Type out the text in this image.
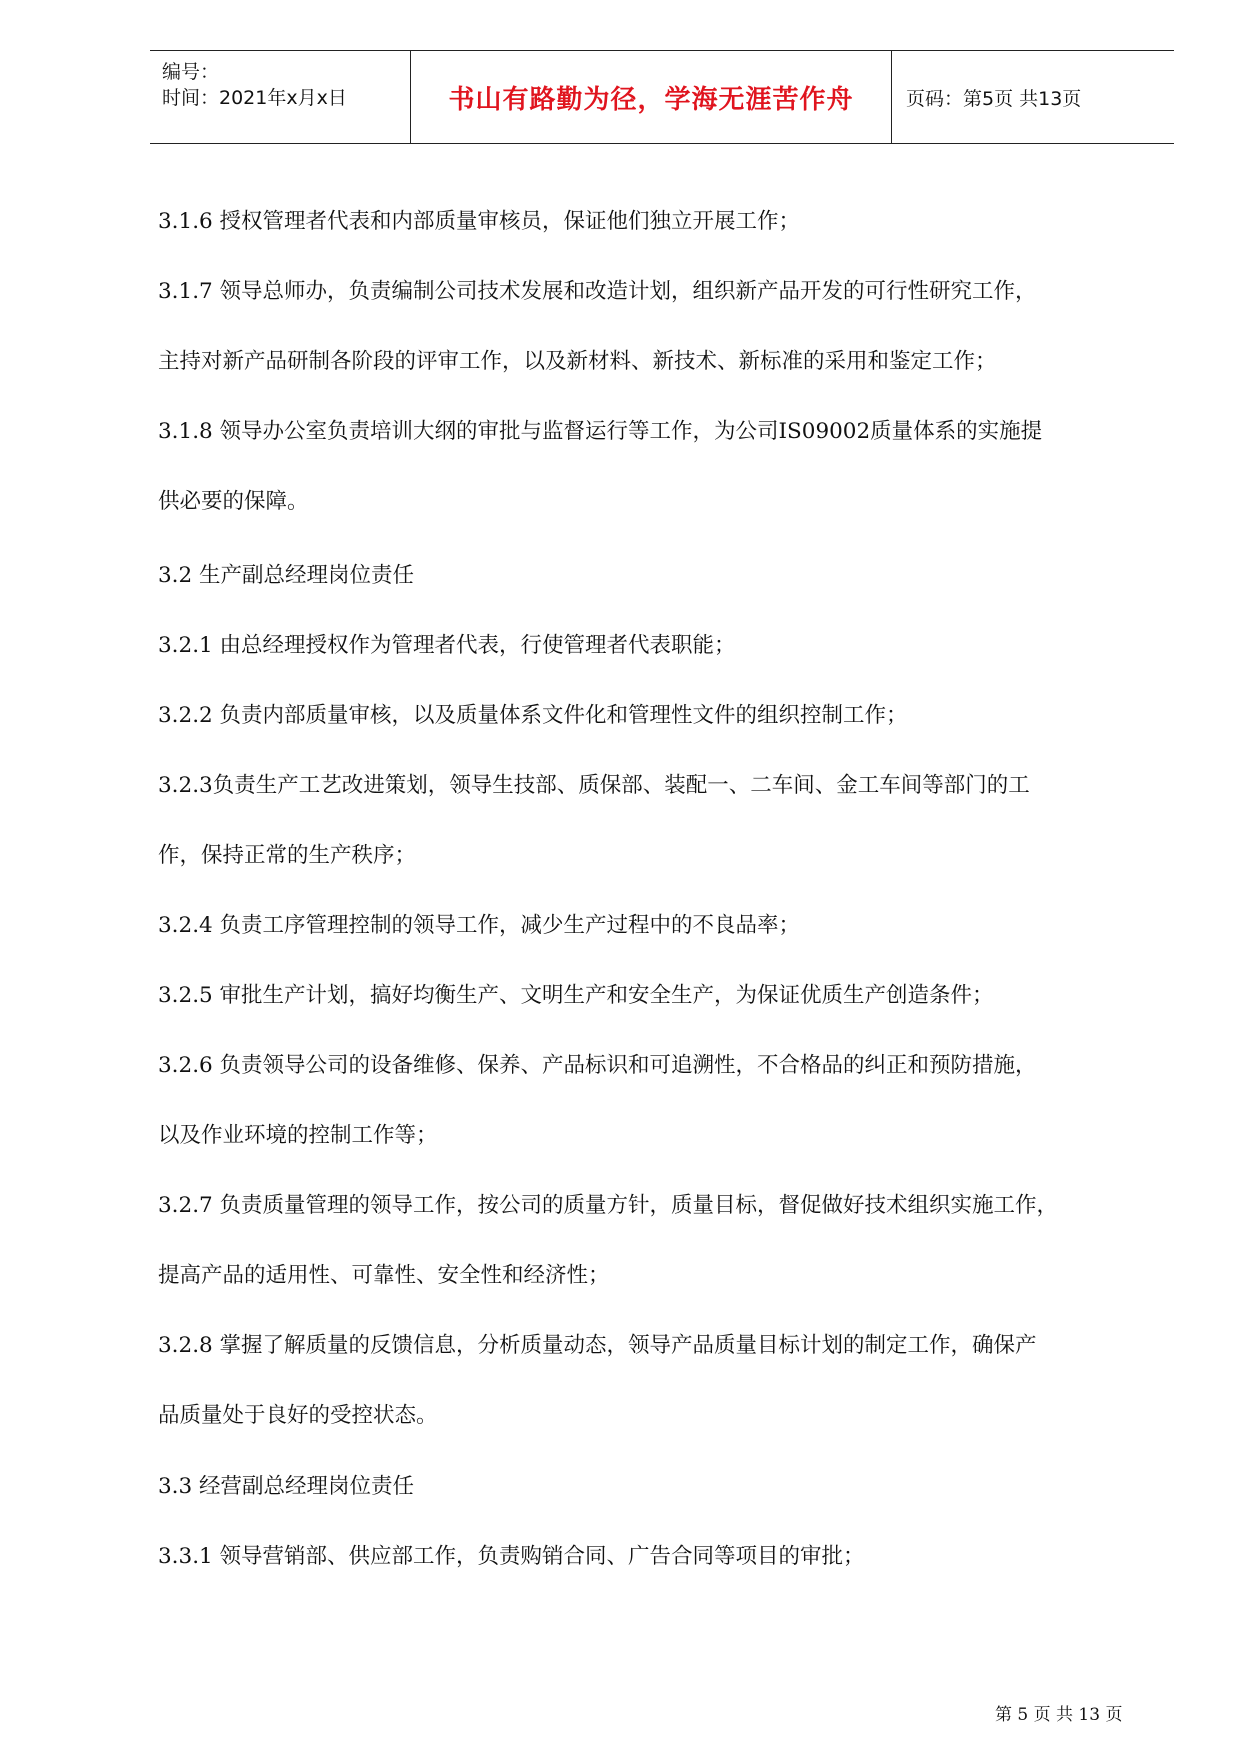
编号：
时间：2021年x月x日	书山有路勤为径，学海无涯苦作舟	页码：第5页 共13页
3.1.6 授权管理者代表和内部质量审核员，保证他们独立开展工作；
3.1.7 领导总师办，负责编制公司技术发展和改造计划，组织新产品开发的可行性研究工作，
主持对新产品研制各阶段的评审工作，以及新材料、新技术、新标准的采用和鉴定工作；
3.1.8 领导办公室负责培训大纲的审批与监督运行等工作，为公司IS09002质量体系的实施提
供必要的保障。
3.2 生产副总经理岗位责任
3.2.1 由总经理授权作为管理者代表，行使管理者代表职能；
3.2.2 负责内部质量审核，以及质量体系文件化和管理性文件的组织控制工作；
3.2.3负责生产工艺改进策划，领导生技部、质保部、装配一、二车间、金工车间等部门的工
作，保持正常的生产秩序；
3.2.4 负责工序管理控制的领导工作，减少生产过程中的不良品率；
3.2.5 审批生产计划，搞好均衡生产、文明生产和安全生产，为保证优质生产创造条件；
3.2.6 负责领导公司的设备维修、保养、产品标识和可追溯性，不合格品的纠正和预防措施，
以及作业环境的控制工作等；
3.2.7 负责质量管理的领导工作，按公司的质量方针，质量目标，督促做好技术组织实施工作，
提高产品的适用性、可靠性、安全性和经济性；
3.2.8 掌握了解质量的反馈信息，分析质量动态，领导产品质量目标计划的制定工作，确保产
品质量处于良好的受控状态。
3.3 经营副总经理岗位责任
3.3.1 领导营销部、供应部工作，负责购销合同、广告合同等项目的审批；
第 5 页 共 13 页
